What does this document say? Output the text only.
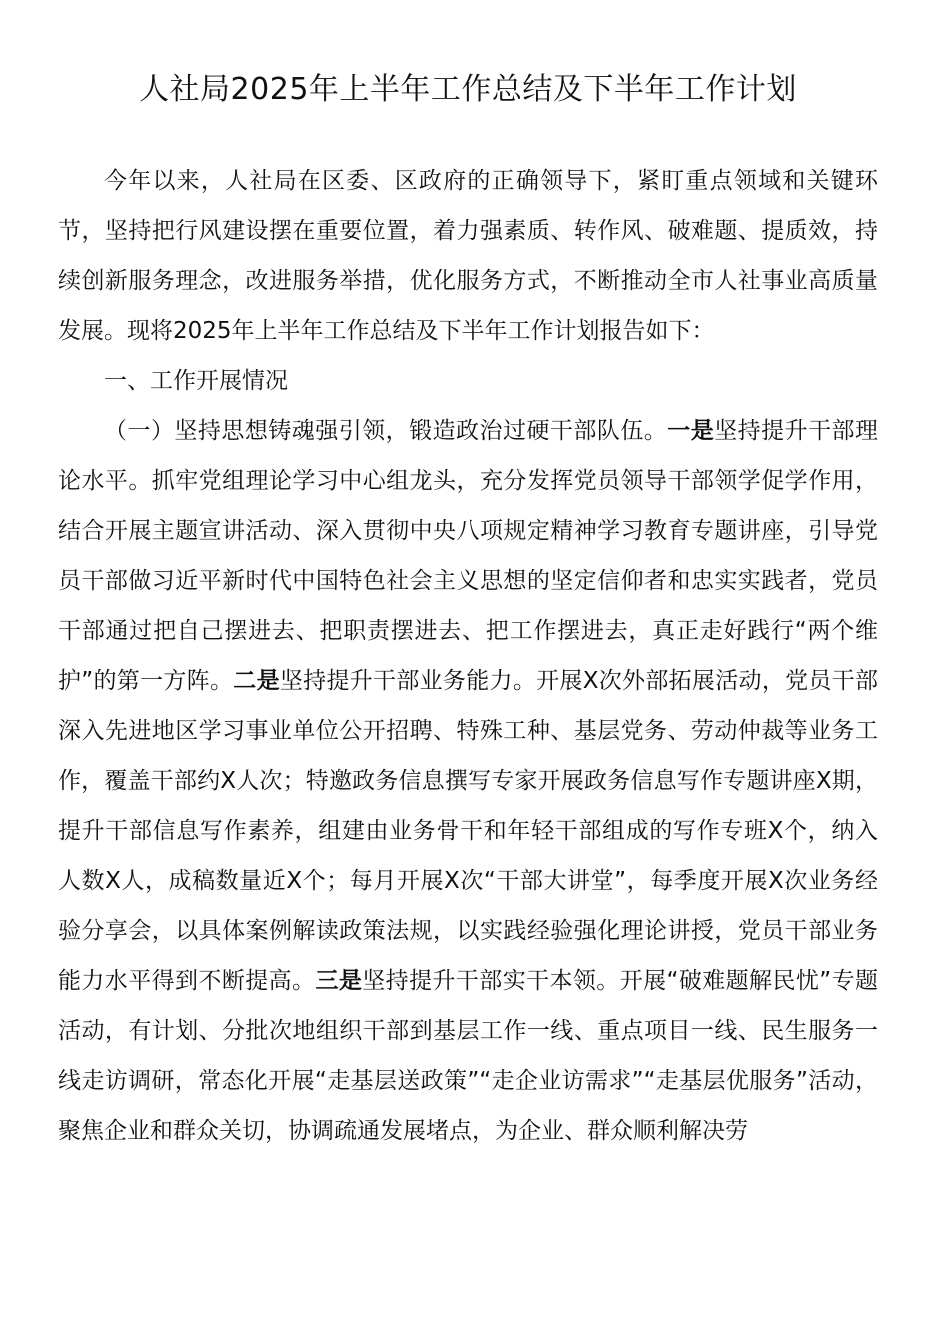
人社局2025年上半年工作总结及下半年工作计划

今年以来，人社局在区委、区政府的正确领导下，紧盯重点领域和关键环节，坚持把行风建设摆在重要位置，着力强素质、转作风、破难题、提质效，持续创新服务理念，改进服务举措，优化服务方式，不断推动全市人社事业高质量发展。现将2025年上半年工作总结及下半年工作计划报告如下：

一、工作开展情况

（一）坚持思想铸魂强引领，锻造政治过硬干部队伍。一是坚持提升干部理论水平。抓牢党组理论学习中心组龙头，充分发挥党员领导干部领学促学作用，结合开展主题宣讲活动、深入贯彻中央八项规定精神学习教育专题讲座，引导党员干部做习近平新时代中国特色社会主义思想的坚定信仰者和忠实实践者，党员干部通过把自己摆进去、把职责摆进去、把工作摆进去，真正走好践行“两个维护”的第一方阵。二是坚持提升干部业务能力。开展X次外部拓展活动，党员干部深入先进地区学习事业单位公开招聘、特殊工种、基层党务、劳动仲裁等业务工作，覆盖干部约X人次；特邀政务信息撰写专家开展政务信息写作专题讲座X期，提升干部信息写作素养，组建由业务骨干和年轻干部组成的写作专班X个，纳入人数X人，成稿数量近X个；每月开展X次“干部大讲堂”，每季度开展X次业务经验分享会，以具体案例解读政策法规，以实践经验强化理论讲授，党员干部业务能力水平得到不断提高。三是坚持提升干部实干本领。开展“破难题解民忧”专题活动，有计划、分批次地组织干部到基层工作一线、重点项目一线、民生服务一线走访调研，常态化开展“走基层送政策”“走企业访需求”“走基层优服务”活动，聚焦企业和群众关切，协调疏通发展堵点，为企业、群众顺利解决劳
